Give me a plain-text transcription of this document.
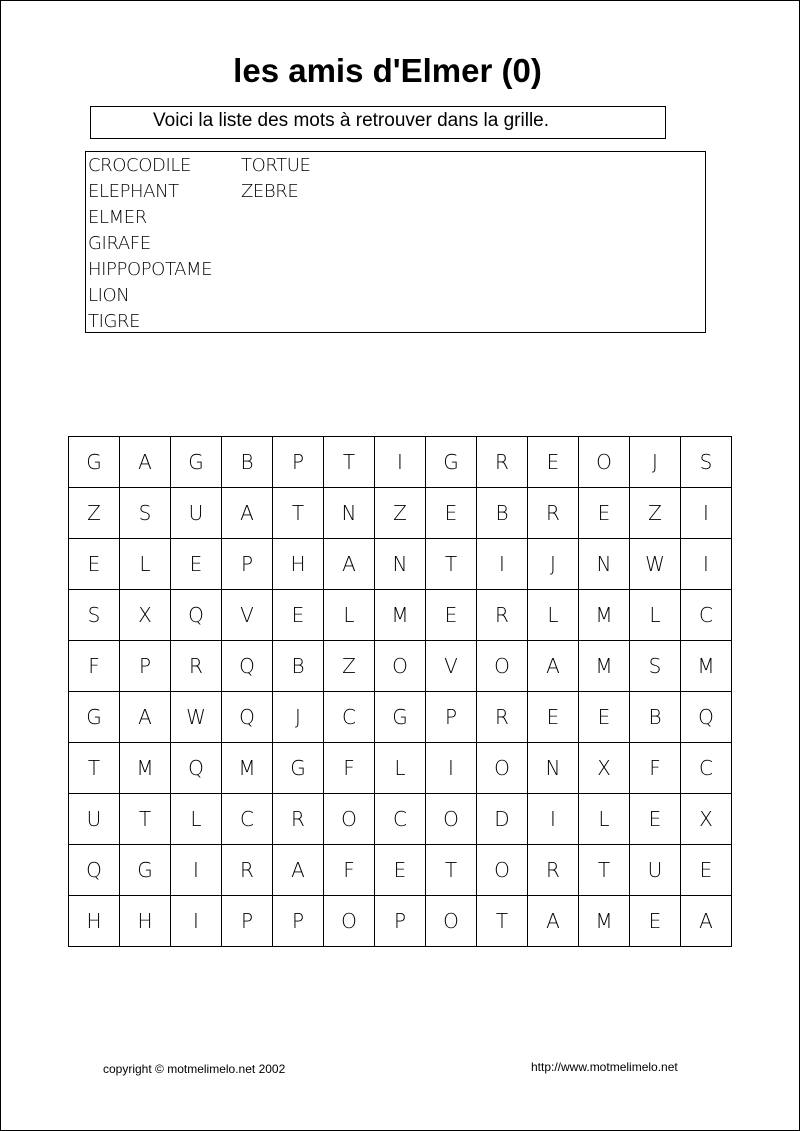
les amis d'Elmer (0)
Voici la liste des mots à retrouver dans la grille.
CROCODILE
ELEPHANT
ELMER
GIRAFE
HIPPOPOTAME
LION
TIGRE
TORTUE
ZEBRE
G	A	G	B	P	T	I	G	R	E	O	J	S
Z	S	U	A	T	N	Z	E	B	R	E	Z	I
E	L	E	P	H	A	N	T	I	J	N	W	I
S	X	Q	V	E	L	M	E	R	L	M	L	C
F	P	R	Q	B	Z	O	V	O	A	M	S	M
G	A	W	Q	J	C	G	P	R	E	E	B	Q
T	M	Q	M	G	F	L	I	O	N	X	F	C
U	T	L	C	R	O	C	O	D	I	L	E	X
Q	G	I	R	A	F	E	T	O	R	T	U	E
H	H	I	P	P	O	P	O	T	A	M	E	A
copyright © motmelimelo.net 2002	http://www.motmelimelo.net
